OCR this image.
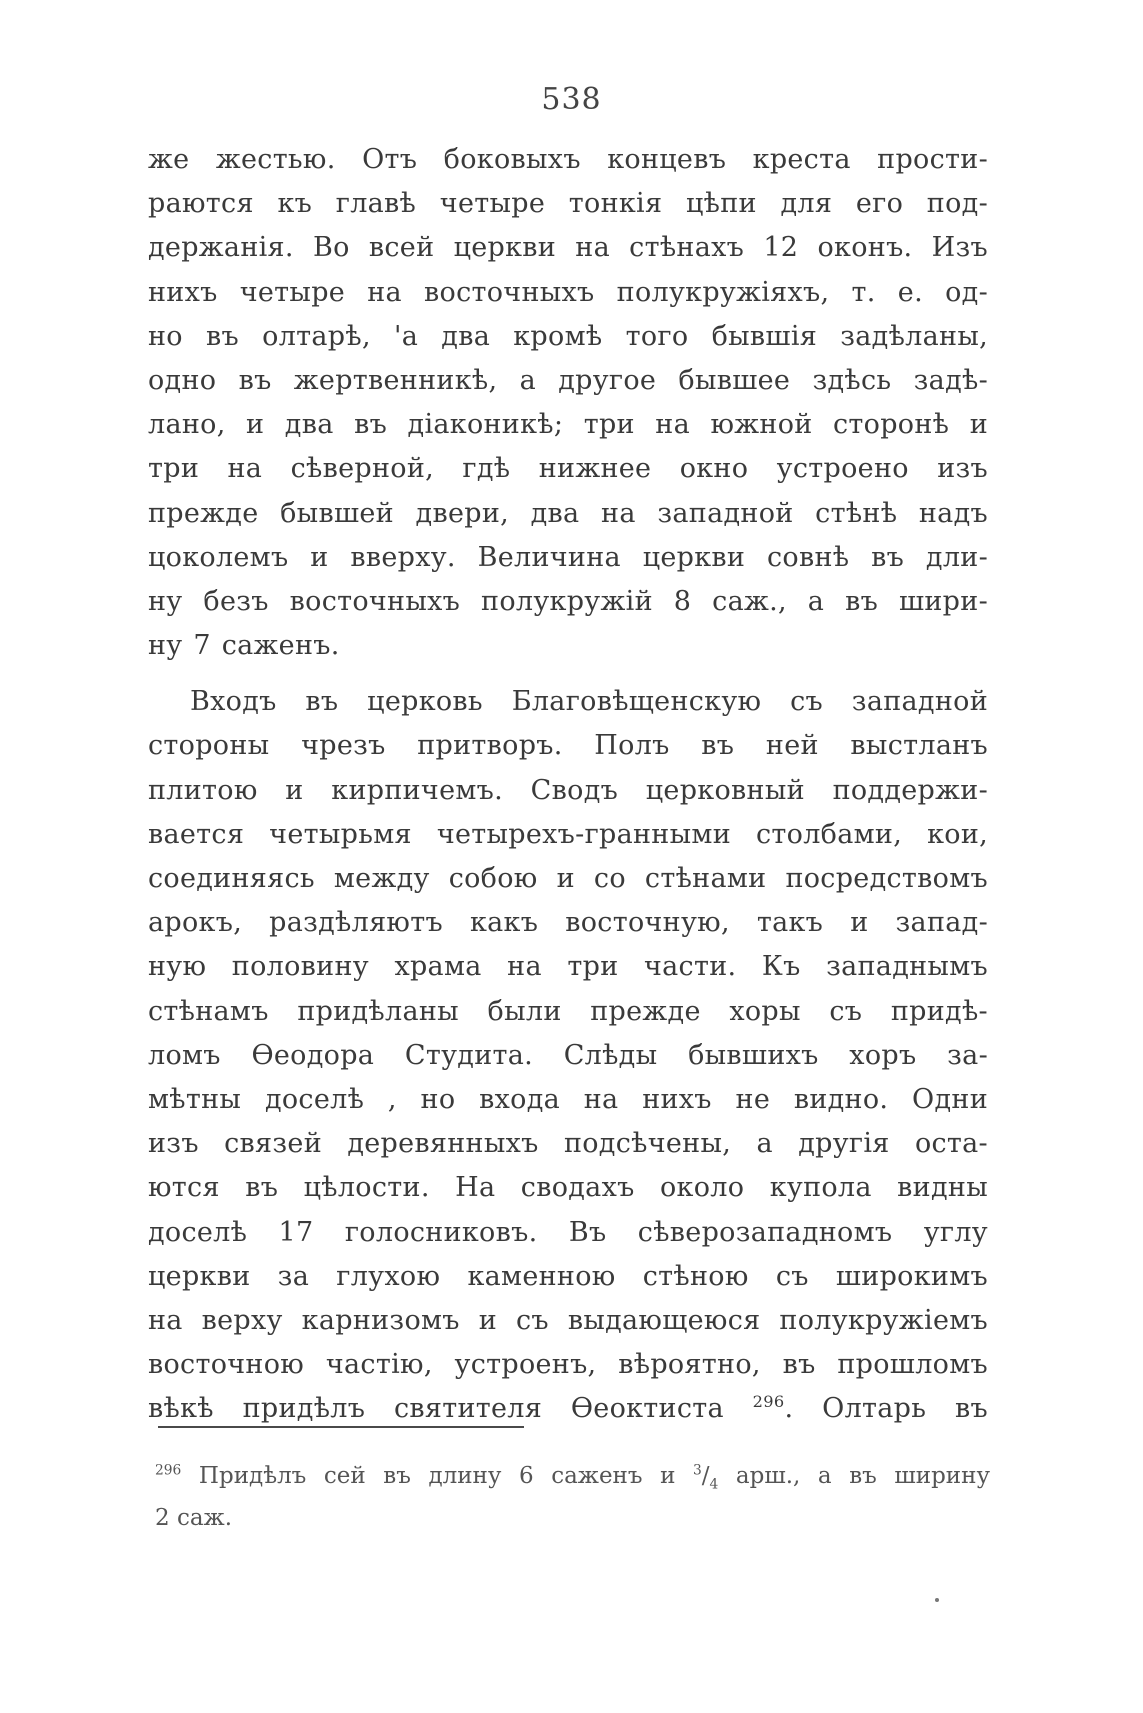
538
же жестью. Отъ боковыхъ концевъ креста прости-
раются къ главѣ четыре тонкія цѣпи для его под-
держанія. Во всей церкви на стѣнахъ 12 оконъ. Изъ
нихъ четыре на восточныхъ полукружіяхъ, т. е. од-
но въ олтарѣ, 'а два кромѣ того бывшія задѣланы,
одно въ жертвенникѣ, а другое бывшее здѣсь задѣ-
лано, и два въ діаконикѣ; три на южной сторонѣ и
три на сѣверной, гдѣ нижнее окно устроено изъ
прежде бывшей двери, два на западной стѣнѣ надъ
цоколемъ и вверху. Величина церкви совнѣ въ дли-
ну безъ восточныхъ полукружій 8 саж., а въ шири-
ну 7 саженъ.
Входъ въ церковь Благовѣщенскую съ западной
стороны чрезъ притворъ. Полъ въ ней выстланъ
плитою и кирпичемъ. Сводъ церковный поддержи-
вается четырьмя четырехъ-гранными столбами, кои,
соединяясь между собою и со стѣнами посредствомъ
арокъ, раздѣляютъ какъ восточную, такъ и запад-
ную половину храма на три части. Къ западнымъ
стѣнамъ придѣланы были прежде хоры съ придѣ-
ломъ Ѳеодора Студита. Слѣды бывшихъ хоръ за-
мѣтны доселѣ , но входа на нихъ не видно. Одни
изъ связей деревянныхъ подсѣчены, а другія оста-
ются въ цѣлости. На сводахъ около купола видны
доселѣ 17 голосниковъ. Въ сѣверозападномъ углу
церкви за глухою каменною стѣною съ широкимъ
на верху карнизомъ и съ выдающеюся полукружіемъ
восточною частію, устроенъ, вѣроятно, въ прошломъ
вѣкѣ придѣлъ святителя Ѳеоктиста $^{296}$. Олтарь въ
$^{296}$ Придѣлъ сей въ длину 6 саженъ и $^3/_4$ арш., а въ ширину
2 саж.
